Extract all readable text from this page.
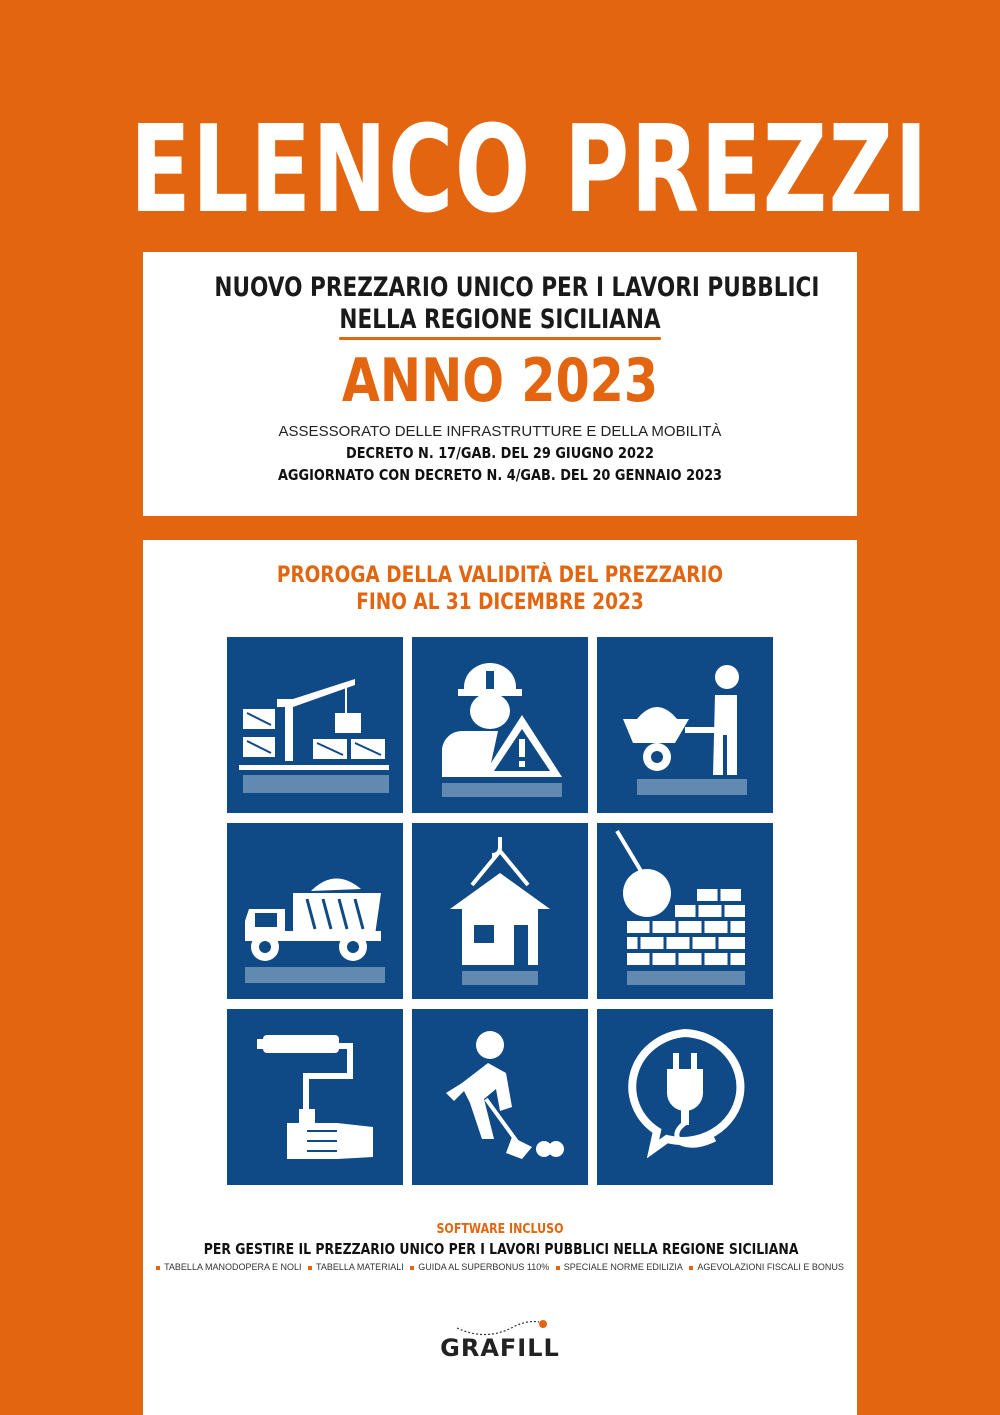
ELENCO PREZZI
NUOVO PREZZARIO UNICO PER I LAVORI PUBBLICI
NELLA REGIONE SICILIANA
ANNO 2023
ASSESSORATO DELLE INFRASTRUTTURE E DELLA MOBILITÀ
DECRETO N. 17/GAB. DEL 29 GIUGNO 2022
AGGIORNATO CON DECRETO N. 4/GAB. DEL 20 GENNAIO 2023
PROROGA DELLA VALIDITÀ DEL PREZZARIO
FINO AL 31 DICEMBRE 2023
SOFTWARE INCLUSO
PER GESTIRE IL PREZZARIO UNICO PER I LAVORI PUBBLICI NELLA REGIONE SICILIANA
TABELLA MANODOPERA E NOLI TABELLA MATERIALI GUIDA AL SUPERBONUS 110% SPECIALE NORME EDILIZIA AGEVOLAZIONI FISCALI E BONUS
GRAFILL
